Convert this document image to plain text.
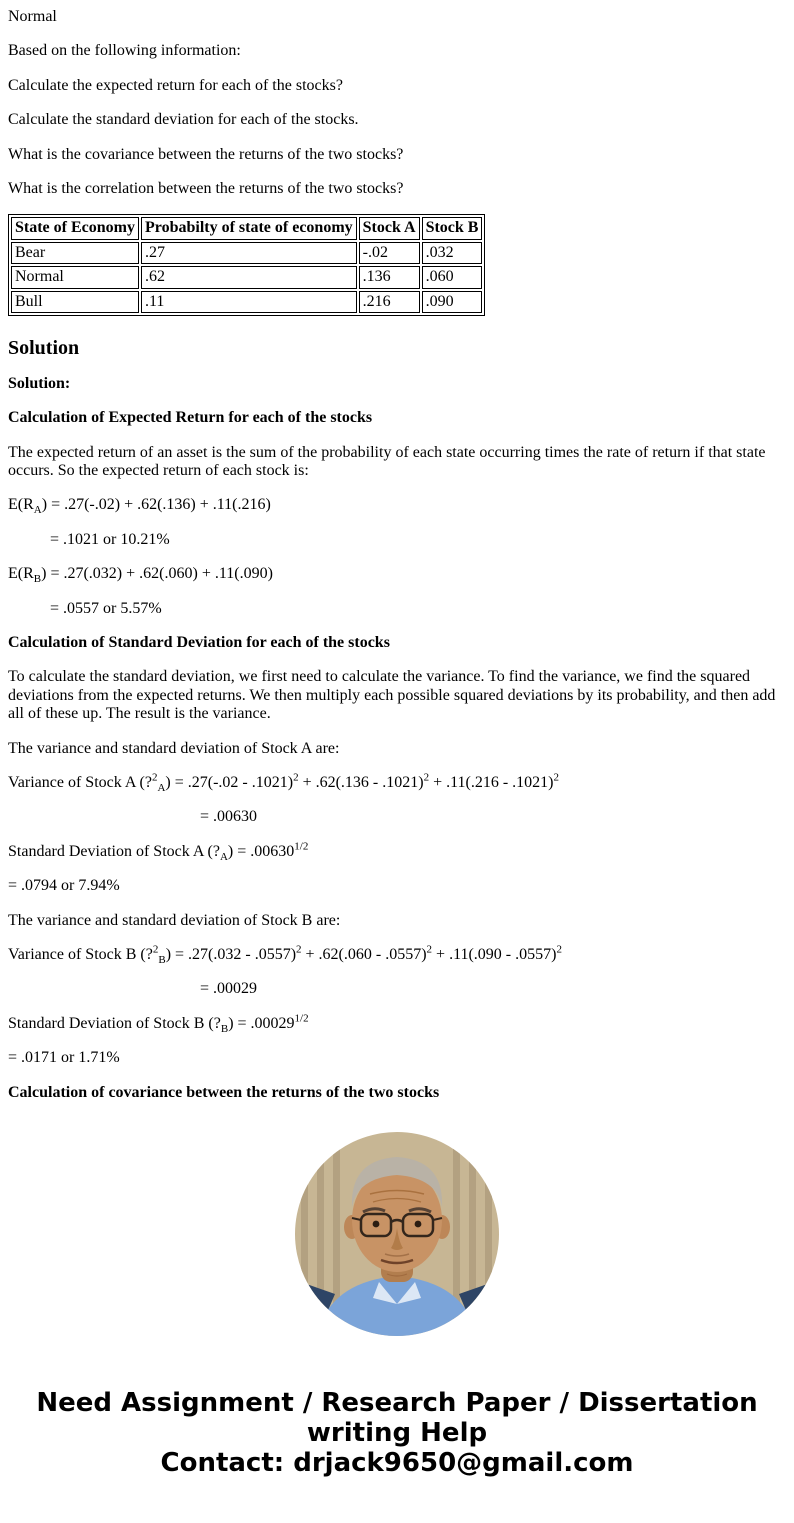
Normal

Based on the following information:

Calculate the expected return for each of the stocks?

Calculate the standard deviation for each of the stocks.

What is the covariance between the returns of the two stocks?

What is the correlation between the returns of the two stocks?

State of Economy	Probabilty of state of economy	Stock A	Stock B
Bear	.27	-.02	.032
Normal	.62	.136	.060
Bull	.11	.216	.090
Solution

Solution:

Calculation of Expected Return for each of the stocks

The expected return of an asset is the sum of the probability of each state occurring times the rate of return if that state occurs. So the expected return of each stock is:

$E(R_A) = .27(-.02) + .62(.136) + .11(.216)$

= .1021 or 10.21%

$E(R_B) = .27(.032) + .62(.060) + .11(.090)$

= .0557 or 5.57%

Calculation of Standard Deviation for each of the stocks

To calculate the standard deviation, we first need to calculate the variance. To find the variance, we find the squared deviations from the expected returns. We then multiply each possible squared deviations by its probability, and then add all of these up. The result is the variance.

The variance and standard deviation of Stock A are:

Variance of Stock A (?$^2_A$) = .27(-.02 - .1021)$^2$ + .62(.136 - .1021)$^2$ + .11(.216 - .1021)$^2$

= .00630

Standard Deviation of Stock A $(?_A) = .00630^{1/2}$

= .0794 or 7.94%

The variance and standard deviation of Stock B are:

Variance of Stock B (?$^2_B$) = .27(.032 - .0557)$^2$ + .62(.060 - .0557)$^2$ + .11(.090 - .0557)$^2$

= .00029

Standard Deviation of Stock B $(?_B) = .00029^{1/2}$

= .0171 or 1.71%

Calculation of covariance between the returns of the two stocks

Need Assignment / Research Paper / Dissertation writing Help
Contact: drjack9650@gmail.com
